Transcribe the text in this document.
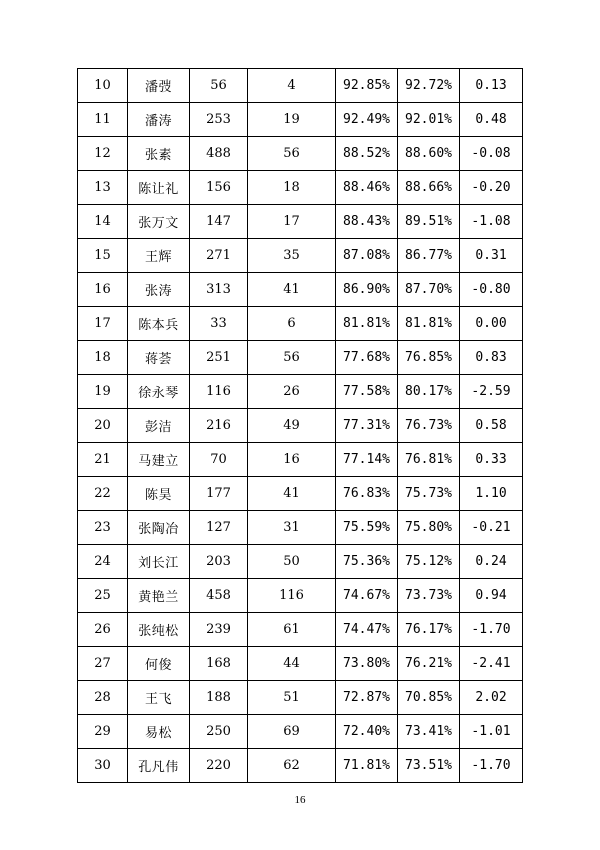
10	潘弢	56	4	92.85%	92.72%	0.13
11	潘涛	253	19	92.49%	92.01%	0.48
12	张素	488	56	88.52%	88.60%	-0.08
13	陈让礼	156	18	88.46%	88.66%	-0.20
14	张万文	147	17	88.43%	89.51%	-1.08
15	王辉	271	35	87.08%	86.77%	0.31
16	张涛	313	41	86.90%	87.70%	-0.80
17	陈本兵	33	6	81.81%	81.81%	0.00
18	蒋荟	251	56	77.68%	76.85%	0.83
19	徐永琴	116	26	77.58%	80.17%	-2.59
20	彭洁	216	49	77.31%	76.73%	0.58
21	马建立	70	16	77.14%	76.81%	0.33
22	陈昊	177	41	76.83%	75.73%	1.10
23	张陶冶	127	31	75.59%	75.80%	-0.21
24	刘长江	203	50	75.36%	75.12%	0.24
25	黄艳兰	458	116	74.67%	73.73%	0.94
26	张纯松	239	61	74.47%	76.17%	-1.70
27	何俊	168	44	73.80%	76.21%	-2.41
28	王飞	188	51	72.87%	70.85%	2.02
29	易松	250	69	72.40%	73.41%	-1.01
30	孔凡伟	220	62	71.81%	73.51%	-1.70
16
